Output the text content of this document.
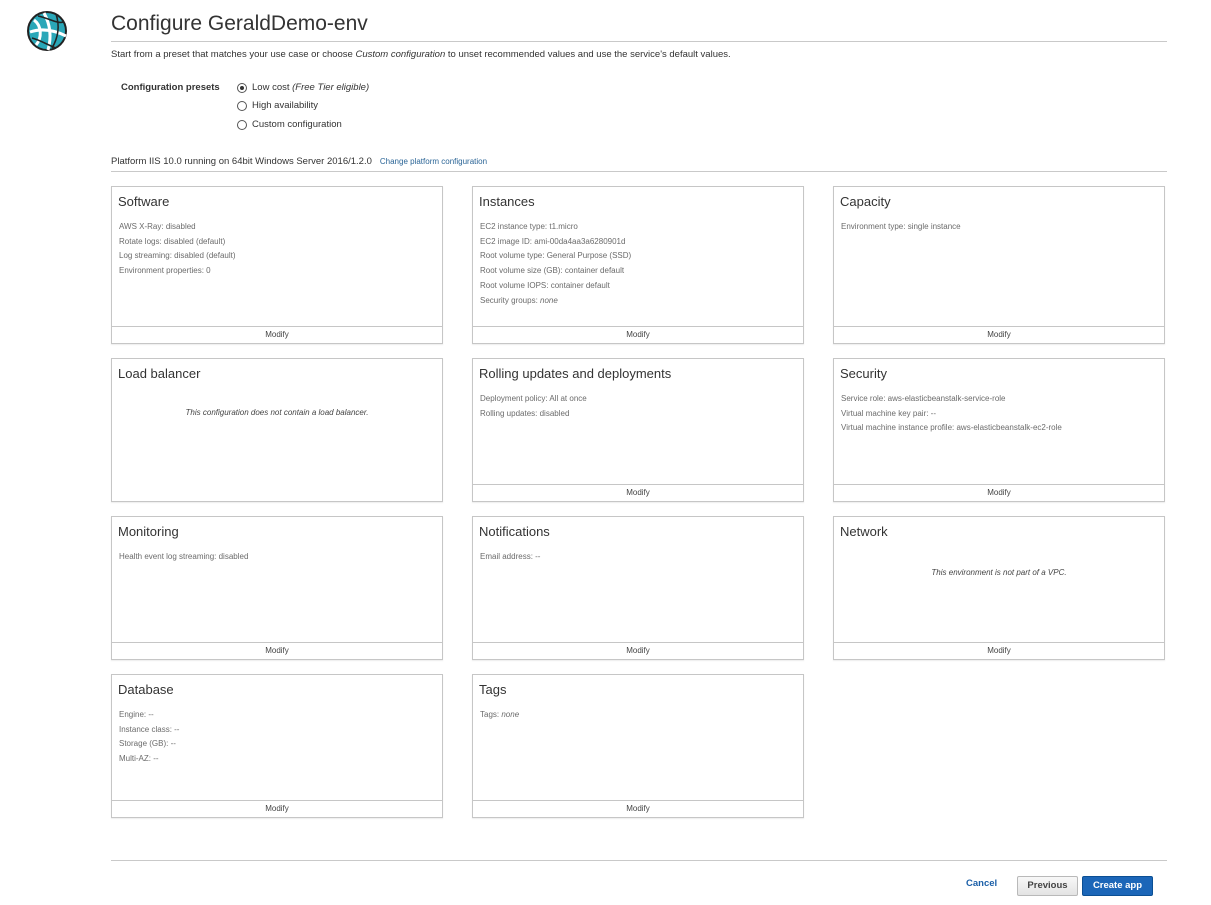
Configure GeraldDemo-env
Start from a preset that matches your use case or choose Custom configuration to unset recommended values and use the service's default values.
Configuration presets	Low cost
(Free Tier eligible)
High availability
Custom configuration
Platform IIS 10.0 running on 64bit Windows Server 2016/1.2.0 Change platform configuration
Software
AWS X-Ray: disabled
Rotate logs: disabled (default)
Log streaming: disabled (default)
Environment properties: 0
Modify
Instances
EC2 instance type: t1.micro
EC2 image ID: ami-00da4aa3a6280901d
Root volume type: General Purpose (SSD)
Root volume size (GB): container default
Root volume IOPS: container default
Security groups: none
Modify
Capacity
Environment type: single instance
Modify
Load balancer
This configuration does not contain a load balancer.
Rolling updates and deployments
Deployment policy: All at once
Rolling updates: disabled
Modify
Security
Service role: aws-elasticbeanstalk-service-role
Virtual machine key pair: --
Virtual machine instance profile: aws-elasticbeanstalk-ec2-role
Modify
Monitoring
Health event log streaming: disabled
Modify
Notifications
Email address: --
Modify
Network
This environment is not part of a VPC.
Modify
Database
Engine: --
Instance class: --
Storage (GB): --
Multi-AZ: --
Modify
Tags
Tags: none
Modify
Cancel	Previous	Create app
